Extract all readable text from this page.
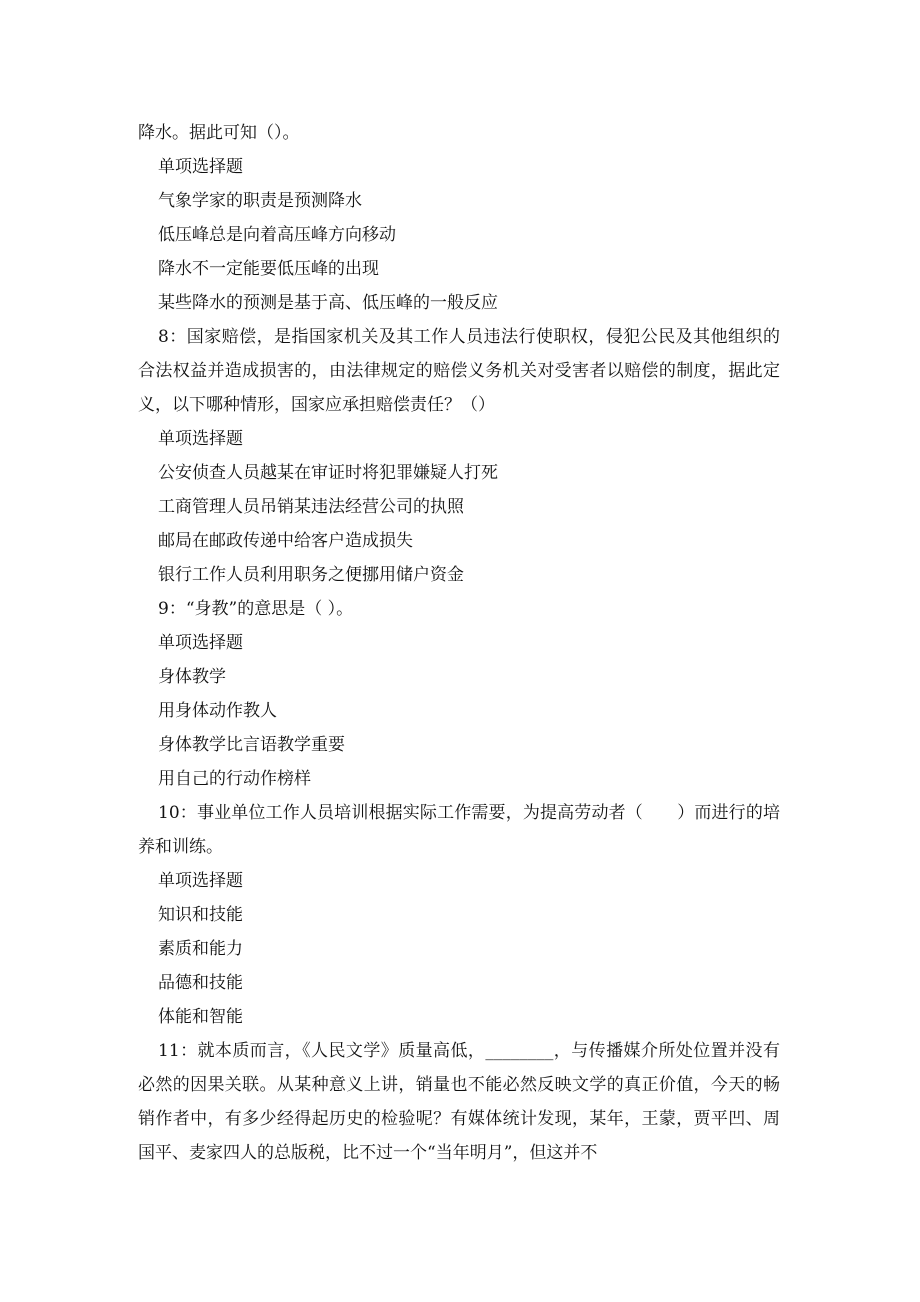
降水。据此可知（）。
单项选择题
气象学家的职责是预测降水
低压峰总是向着高压峰方向移动
降水不一定能要低压峰的出现
某些降水的预测是基于高、低压峰的一般反应
8：国家赔偿，是指国家机关及其工作人员违法行使职权，侵犯公民及其他组织的合法权益并造成损害的，由法律规定的赔偿义务机关对受害者以赔偿的制度，据此定义，以下哪种情形，国家应承担赔偿责任？（）
单项选择题
公安侦查人员越某在审证时将犯罪嫌疑人打死
工商管理人员吊销某违法经营公司的执照
邮局在邮政传递中给客户造成损失
银行工作人员利用职务之便挪用储户资金
9：“身教”的意思是（ ）。
单项选择题
身体教学
用身体动作教人
身体教学比言语教学重要
用自己的行动作榜样
10：事业单位工作人员培训根据实际工作需要，为提高劳动者（　　）而进行的培养和训练。
单项选择题
知识和技能
素质和能力
品德和技能
体能和智能
11：就本质而言，《人民文学》质量高低，________，与传播媒介所处位置并没有必然的因果关联。从某种意义上讲，销量也不能必然反映文学的真正价值，今天的畅销作者中，有多少经得起历史的检验呢？有媒体统计发现，某年，王蒙，贾平凹、周国平、麦家四人的总版税，比不过一个“当年明月”，但这并不
